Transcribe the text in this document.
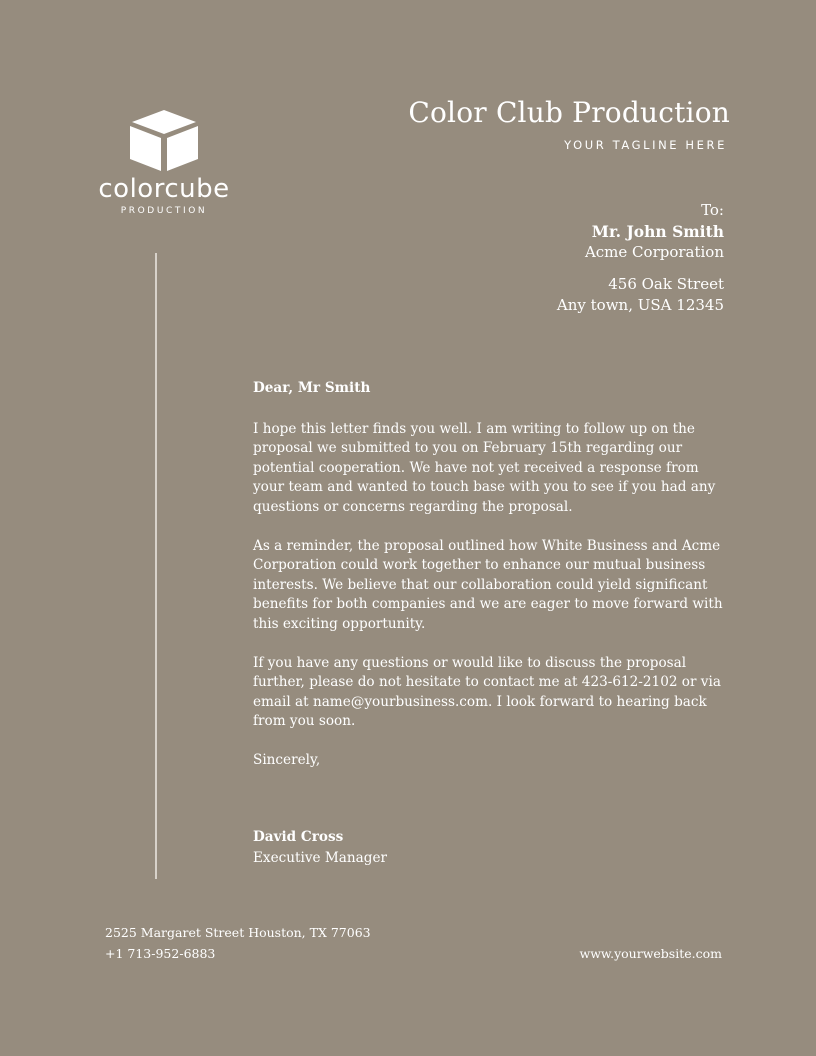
colorcube
PRODUCTION
Color Club Production
YOUR TAGLINE HERE
To:
Mr. John Smith
Acme Corporation
456 Oak Street
Any town, USA 12345

Dear, Mr Smith

I hope this letter finds you well. I am writing to follow up on the proposal we submitted to you on February 15th regarding our potential cooperation. We have not yet received a response from your team and wanted to touch base with you to see if you had any questions or concerns regarding the proposal.

As a reminder, the proposal outlined how White Business and Acme Corporation could work together to enhance our mutual business interests. We believe that our collaboration could yield significant benefits for both companies and we are eager to move forward with this exciting opportunity.

If you have any questions or would like to discuss the proposal further, please do not hesitate to contact me at 423-612-2102 or via email at name@yourbusiness.com. I look forward to hearing back from you soon.

Sincerely,

David Cross
Executive Manager
2525 Margaret Street Houston, TX 77063
+1 713-952-6883	www.yourwebsite.com
